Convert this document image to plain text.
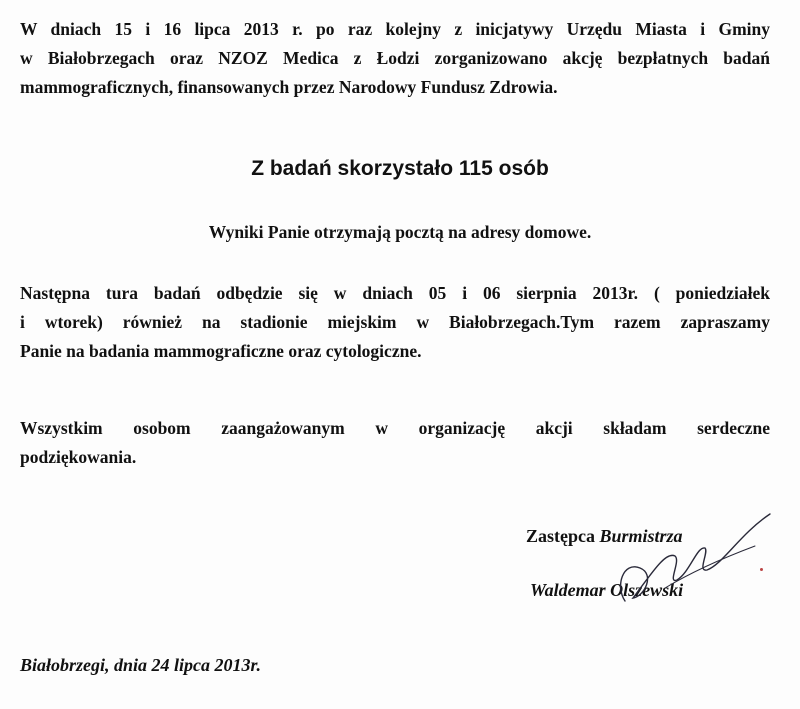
W dniach 15 i 16 lipca 2013 r. po raz kolejny z inicjatywy Urzędu Miasta i Gminy
w Białobrzegach oraz NZOZ Medica z Łodzi zorganizowano akcję bezpłatnych badań
mammograficznych, finansowanych przez Narodowy Fundusz Zdrowia.
Z badań skorzystało 115 osób
Wyniki Panie otrzymają pocztą na adresy domowe.
Następna tura badań odbędzie się w dniach 05 i 06 sierpnia 2013r. ( poniedziałek
i wtorek) również na stadionie miejskim w Białobrzegach.Tym razem zapraszamy
Panie na badania mammograficzne oraz cytologiczne.
Wszystkim osobom zaangażowanym w organizację akcji składam serdeczne
podziękowania.
Zastępca Burmistrza
Waldemar Olszewski
Białobrzegi, dnia 24 lipca 2013r.
